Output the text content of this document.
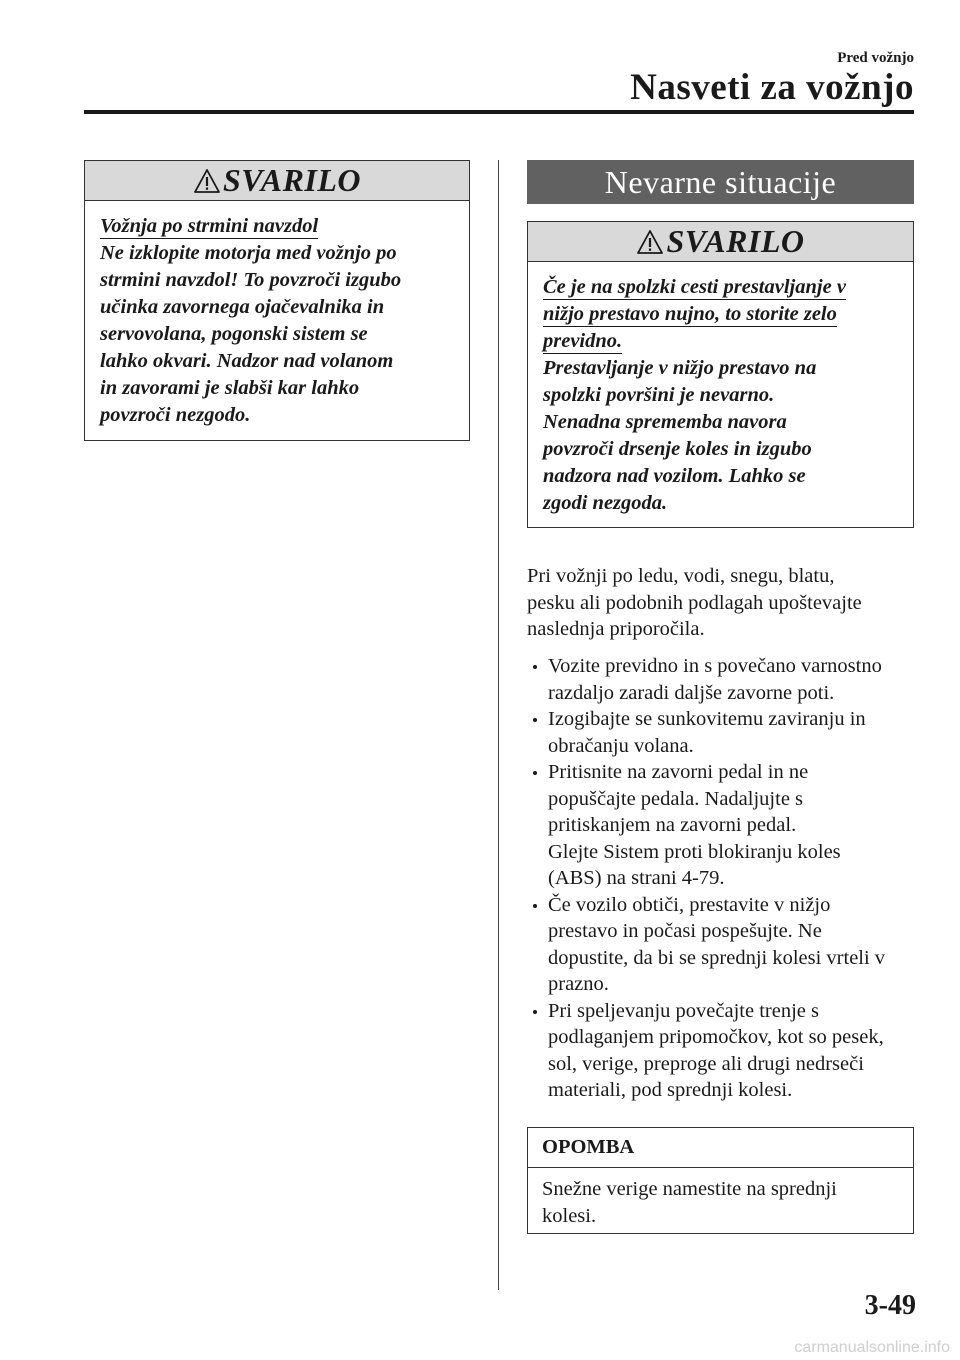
Pred vožnjo
Nasveti za vožnjo
SVARILO
Vožnja po strmini navzdol
Ne izklopite motorja med vožnjo po
strmini navzdol! To povzroči izgubo
učinka zavornega ojačevalnika in
servovolana, pogonski sistem se
lahko okvari. Nadzor nad volanom
in zavorami je slabši kar lahko
povzroči nezgodo.
Nevarne situacije
SVARILO
Če je na spolzki cesti prestavljanje v
nižjo prestavo nujno, to storite zelo
previdno.
Prestavljanje v nižjo prestavo na
spolzki površini je nevarno.
Nenadna sprememba navora
povzroči drsenje koles in izgubo
nadzora nad vozilom. Lahko se
zgodi nezgoda.
Pri vožnji po ledu, vodi, snegu, blatu,
pesku ali podobnih podlagah upoštevajte
naslednja priporočila.
Vozite previdno in s povečano varnostno
razdaljo zaradi daljše zavorne poti.
Izogibajte se sunkovitemu zaviranju in
obračanju volana.
Pritisnite na zavorni pedal in ne
popuščajte pedala. Nadaljujte s
pritiskanjem na zavorni pedal.
Glejte Sistem proti blokiranju koles
(ABS) na strani 4-79.
Če vozilo obtiči, prestavite v nižjo
prestavo in počasi pospešujte. Ne
dopustite, da bi se sprednji kolesi vrteli v
prazno.
Pri speljevanju povečajte trenje s
podlaganjem pripomočkov, kot so pesek,
sol, verige, preproge ali drugi nedrseči
materiali, pod sprednji kolesi.
OPOMBA
Snežne verige namestite na sprednji
kolesi.
3-49
carmanualsonline.info
